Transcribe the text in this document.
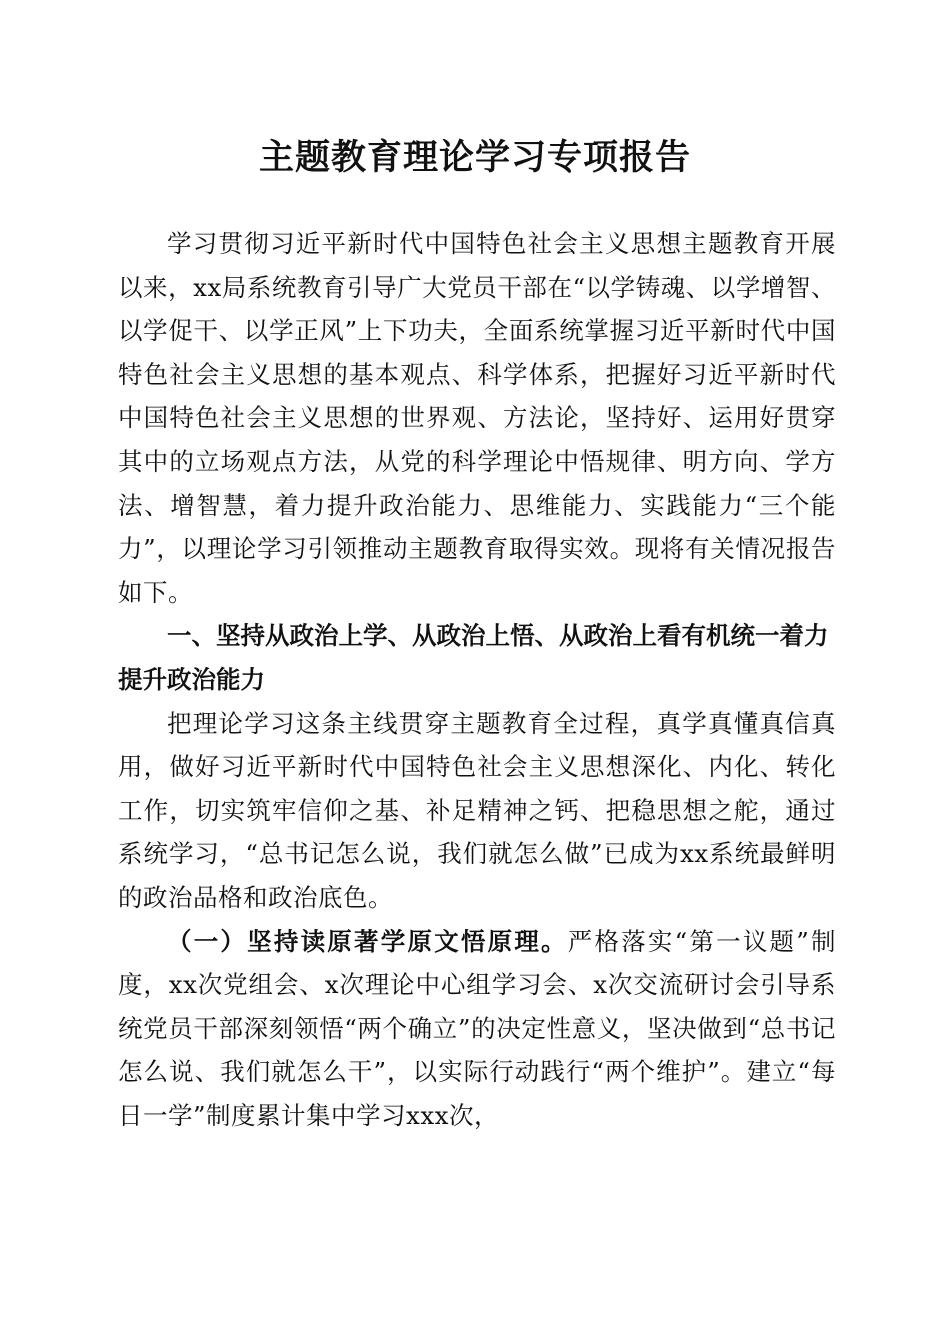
主题教育理论学习专项报告

学习贯彻习近平新时代中国特色社会主义思想主题教育开展以来，xx局系统教育引导广大党员干部在“以学铸魂、以学增智、以学促干、以学正风”上下功夫，全面系统掌握习近平新时代中国特色社会主义思想的基本观点、科学体系，把握好习近平新时代中国特色社会主义思想的世界观、方法论，坚持好、运用好贯穿其中的立场观点方法，从党的科学理论中悟规律、明方向、学方法、增智慧，着力提升政治能力、思维能力、实践能力“三个能力”，以理论学习引领推动主题教育取得实效。现将有关情况报告如下。

一、坚持从政治上学、从政治上悟、从政治上看有机统一着力提升政治能力

把理论学习这条主线贯穿主题教育全过程，真学真懂真信真用，做好习近平新时代中国特色社会主义思想深化、内化、转化工作，切实筑牢信仰之基、补足精神之钙、把稳思想之舵，通过系统学习，“总书记怎么说，我们就怎么做”已成为xx系统最鲜明的政治品格和政治底色。

（一）坚持读原著学原文悟原理。严格落实“第一议题”制度，xx次党组会、x次理论中心组学习会、x次交流研讨会引导系统党员干部深刻领悟“两个确立”的决定性意义，坚决做到“总书记怎么说、我们就怎么干”，以实际行动践行“两个维护”。建立“每日一学”制度累计集中学习xxx次，
